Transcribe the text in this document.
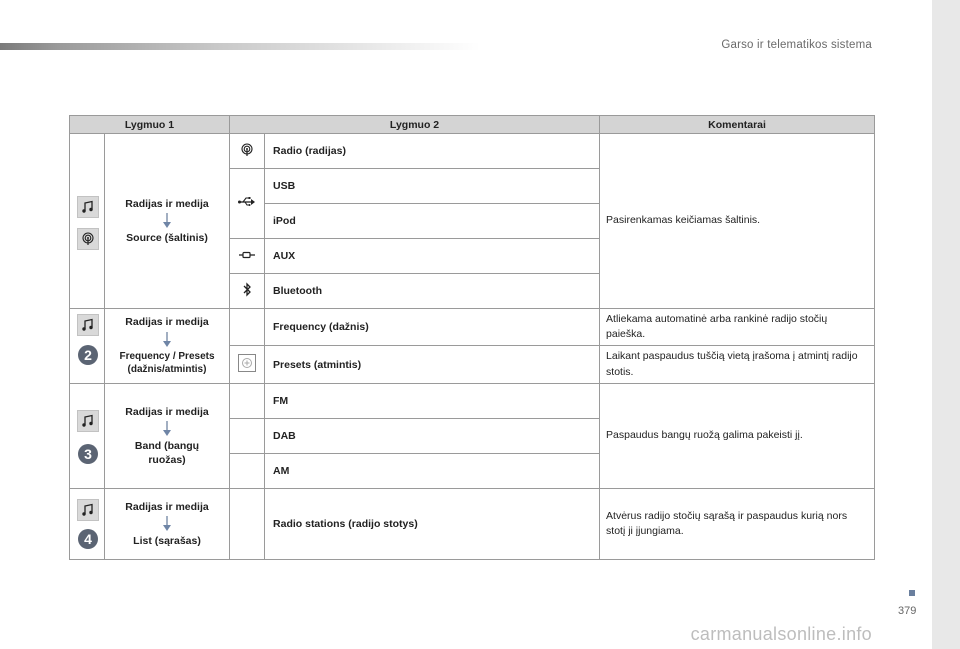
Garso ir telematikos sistema
Lygmuo 1		Lygmuo 2		Komentarai

Radijas ir medija
Source (šaltinis)		Radio (radijas)	Pasirenkamas keičiamas šaltinis.
	USB	
			iPod	
	AUX	
	Bluetooth	

2	Radijas ir medija
Frequency / Presets (dažnis/atmintis)		Frequency (dažnis)	Atliekama automatinė arba rankinė radijo stočių paieška.
	Presets (atmintis)	Laikant paspaudus tuščią vietą įrašoma į atmintį radijo stotis.

3	Radijas ir medija
Band (bangų ruožas)		FM	Paspaudus bangų ruožą galima pakeisti jį.
			DAB	
			AM	

4	Radijas ir medija
List (sąrašas)		Radio stations (radijo stotys)	Atvėrus radijo stočių sąrašą ir paspaudus kurią nors stotį ji įjungiama.
379
carmanualsonline.info
